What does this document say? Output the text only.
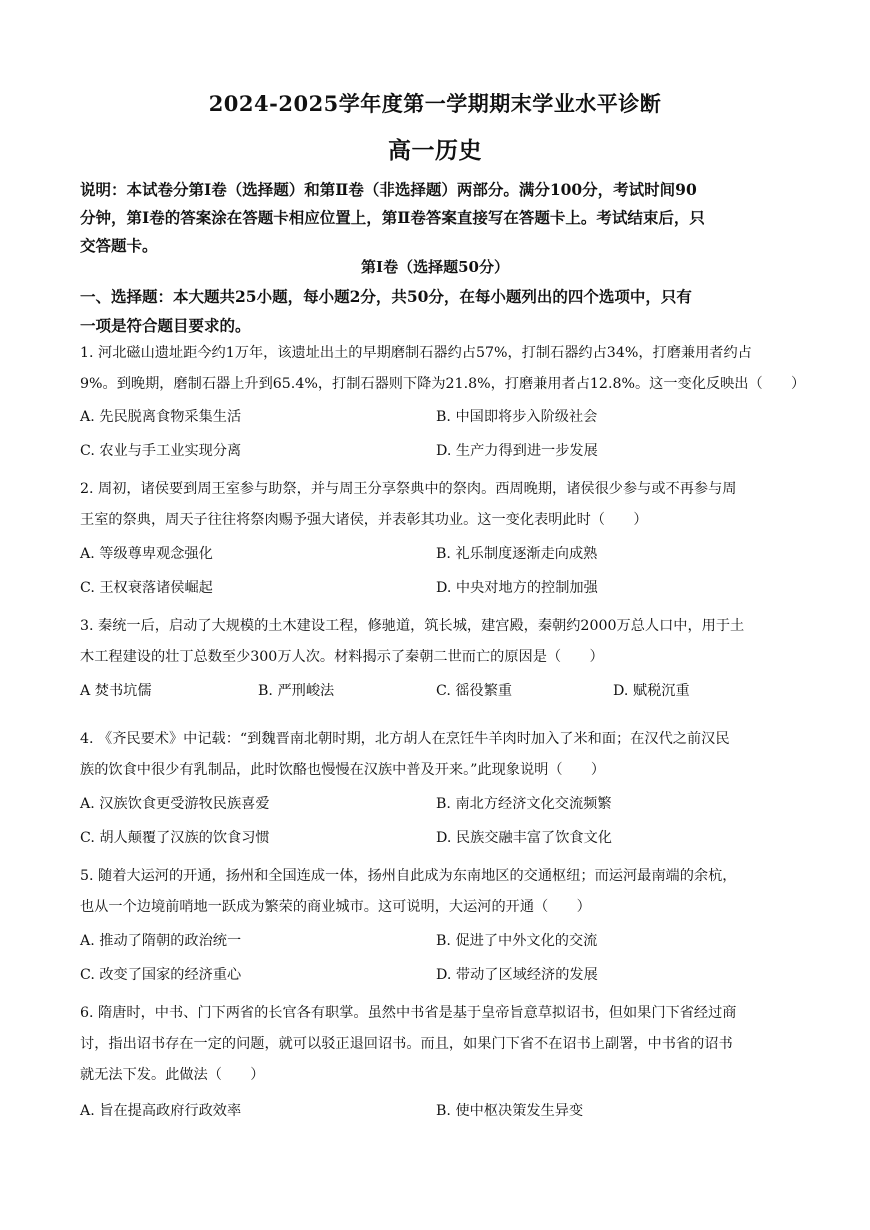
2024-2025学年度第一学期期末学业水平诊断
高一历史
说明：本试卷分第Ⅰ卷（选择题）和第Ⅱ卷（非选择题）两部分。满分100分，考试时间90
分钟，第Ⅰ卷的答案涂在答题卡相应位置上，第Ⅱ卷答案直接写在答题卡上。考试结束后，只
交答题卡。
第Ⅰ卷（选择题50分）
一、选择题：本大题共25小题，每小题2分，共50分，在每小题列出的四个选项中，只有
一项是符合题目要求的。
1. 河北磁山遗址距今约1万年，该遗址出土的早期磨制石器约占57%，打制石器约占34%，打磨兼用者约占
9%。到晚期，磨制石器上升到65.4%，打制石器则下降为21.8%，打磨兼用者占12.8%。这一变化反映出（　　）
A. 先民脱离食物采集生活	B. 中国即将步入阶级社会
C. 农业与手工业实现分离	D. 生产力得到进一步发展
2. 周初，诸侯要到周王室参与助祭，并与周王分享祭典中的祭肉。西周晚期，诸侯很少参与或不再参与周
王室的祭典，周天子往往将祭肉赐予强大诸侯，并表彰其功业。这一变化表明此时（　　）
A. 等级尊卑观念强化	B. 礼乐制度逐渐走向成熟
C. 王权衰落诸侯崛起	D. 中央对地方的控制加强
3. 秦统一后，启动了大规模的土木建设工程，修驰道，筑长城，建宫殿，秦朝约2000万总人口中，用于土
木工程建设的壮丁总数至少300万人次。材料揭示了秦朝二世而亡的原因是（　　）
A 焚书坑儒	B. 严刑峻法	C. 徭役繁重	D. 赋税沉重
4. 《齐民要术》中记载：“到魏晋南北朝时期，北方胡人在烹饪牛羊肉时加入了米和面；在汉代之前汉民
族的饮食中很少有乳制品，此时饮酪也慢慢在汉族中普及开来。”此现象说明（　　）
A. 汉族饮食更受游牧民族喜爱	B. 南北方经济文化交流频繁
C. 胡人颠覆了汉族的饮食习惯	D. 民族交融丰富了饮食文化
5. 随着大运河的开通，扬州和全国连成一体，扬州自此成为东南地区的交通枢纽；而运河最南端的余杭，
也从一个边境前哨地一跃成为繁荣的商业城市。这可说明，大运河的开通（　　）
A. 推动了隋朝的政治统一	B. 促进了中外文化的交流
C. 改变了国家的经济重心	D. 带动了区域经济的发展
6. 隋唐时，中书、门下两省的长官各有职掌。虽然中书省是基于皇帝旨意草拟诏书，但如果门下省经过商
讨，指出诏书存在一定的问题，就可以驳正退回诏书。而且，如果门下省不在诏书上副署，中书省的诏书
就无法下发。此做法（　　）
A. 旨在提高政府行政效率	B. 使中枢决策发生异变
